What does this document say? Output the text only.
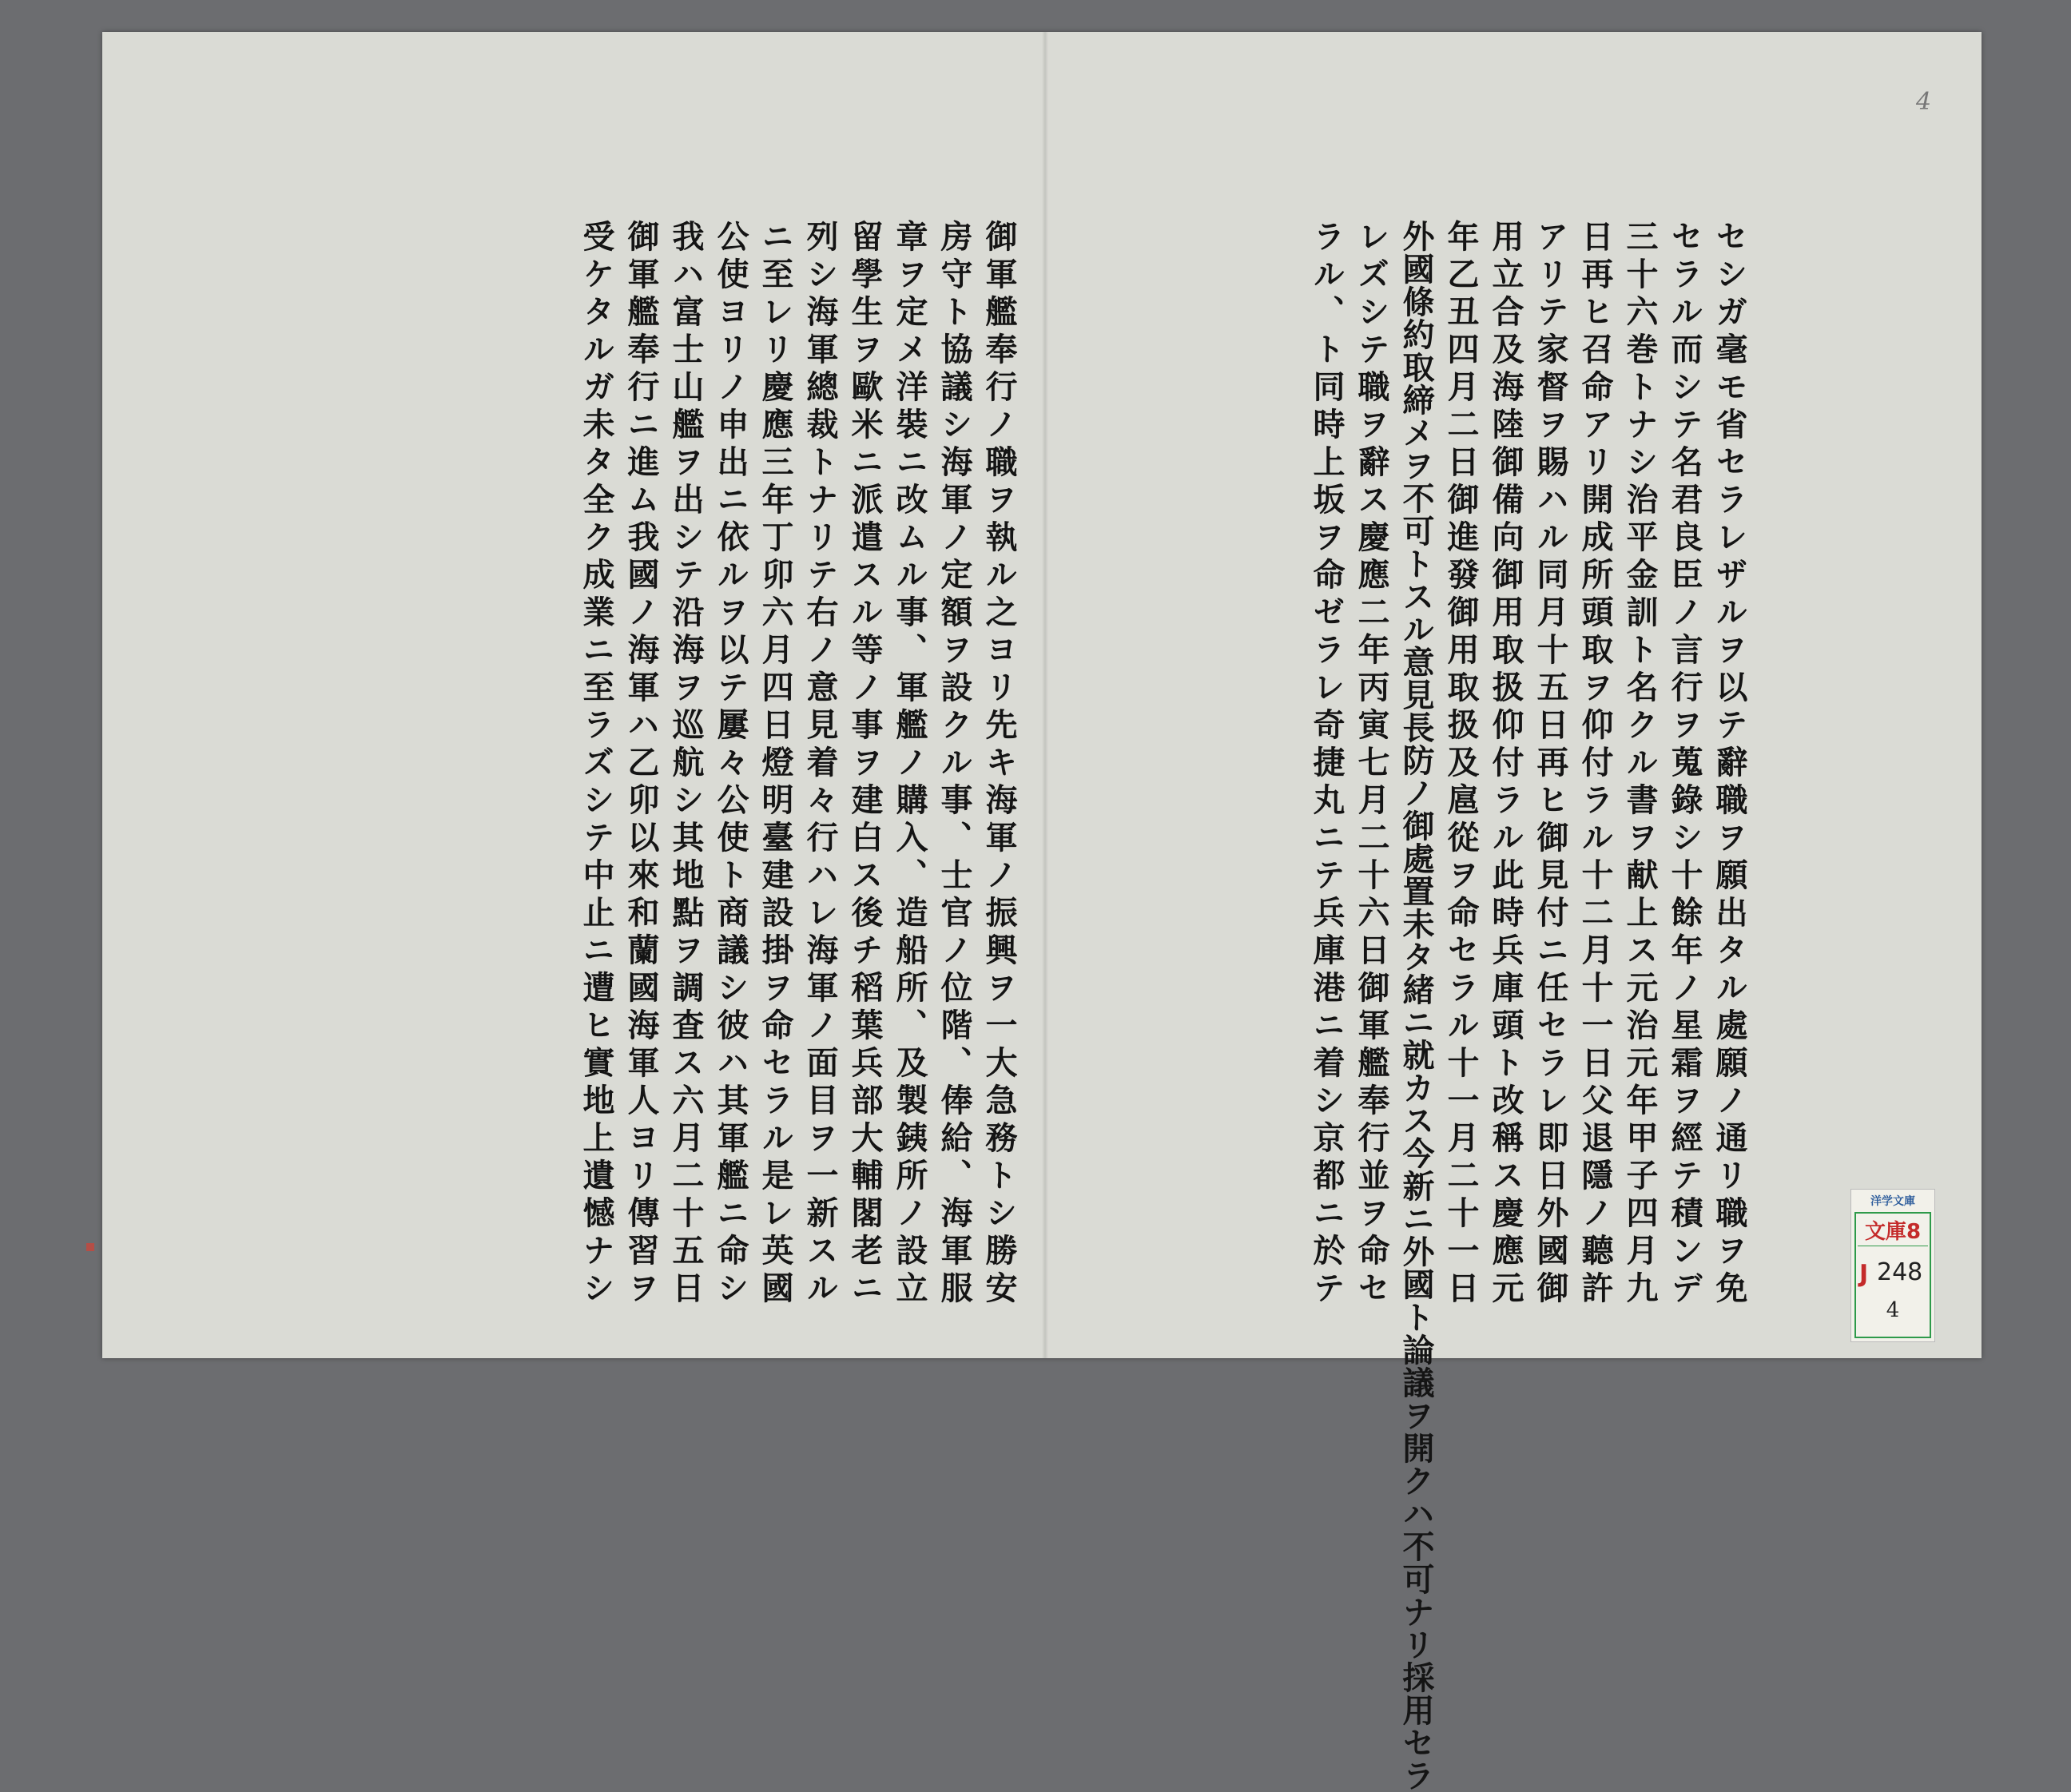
4
セシガ毫モ省セラレザルヲ以テ辭職ヲ願出タル處願ノ通リ職ヲ免
セラル而シテ名君良臣ノ言行ヲ蒐錄シ十餘年ノ星霜ヲ經テ積ンデ
三十六巻トナシ治平金訓ト名クル書ヲ献上ス元治元年甲子四月九
日再ヒ召命アリ開成所頭取ヲ仰付ラル十二月十一日父退隱ノ聽許
アリテ家督ヲ賜ハル同月十五日再ヒ御見付ニ任セラレ即日外國御
用立合及海陸御備向御用取扱仰付ラル此時兵庫頭ト改稱ス慶應元
年乙丑四月二日御進發御用取扱及扈從ヲ命セラル十一月二十一日
外國條約取締メヲ不可トスル意見長防ノ御處置未タ緒ニ就カス今新ニ外國ト論議ヲ開クハ不可ナリ採用セラ
レズシテ職ヲ辭ス慶應二年丙寅七月二十六日御軍艦奉行並ヲ命セ
ラル、ト同時上坂ヲ命ゼラレ奇捷丸ニテ兵庫港ニ着シ京都ニ於テ
御軍艦奉行ノ職ヲ執ル之ヨリ先キ海軍ノ振興ヲ一大急務トシ勝安
房守ト協議シ海軍ノ定額ヲ設クル事、士官ノ位階、俸給、海軍服
章ヲ定メ洋裝ニ改ムル事、軍艦ノ購入、造船所、及製銕所ノ設立
留學生ヲ歐米ニ派遣スル等ノ事ヲ建白ス後チ稻葉兵部大輔閣老ニ
列シ海軍總裁トナリテ右ノ意見着々行ハレ海軍ノ面目ヲ一新スル
ニ至レリ慶應三年丁卯六月四日燈明臺建設掛ヲ命セラル是レ英國
公使ヨリノ申出ニ依ルヲ以テ屢々公使ト商議シ彼ハ其軍艦ニ命シ
我ハ富士山艦ヲ出シテ沿海ヲ巡航シ其地點ヲ調査ス六月二十五日
御軍艦奉行ニ進ム我國ノ海軍ハ乙卯以來和蘭國海軍人ヨリ傳習ヲ
受ケタルガ未タ全ク成業ニ至ラズシテ中止ニ遭ヒ實地上遺憾ナシ	洋学文庫
文庫8
J 248
4
